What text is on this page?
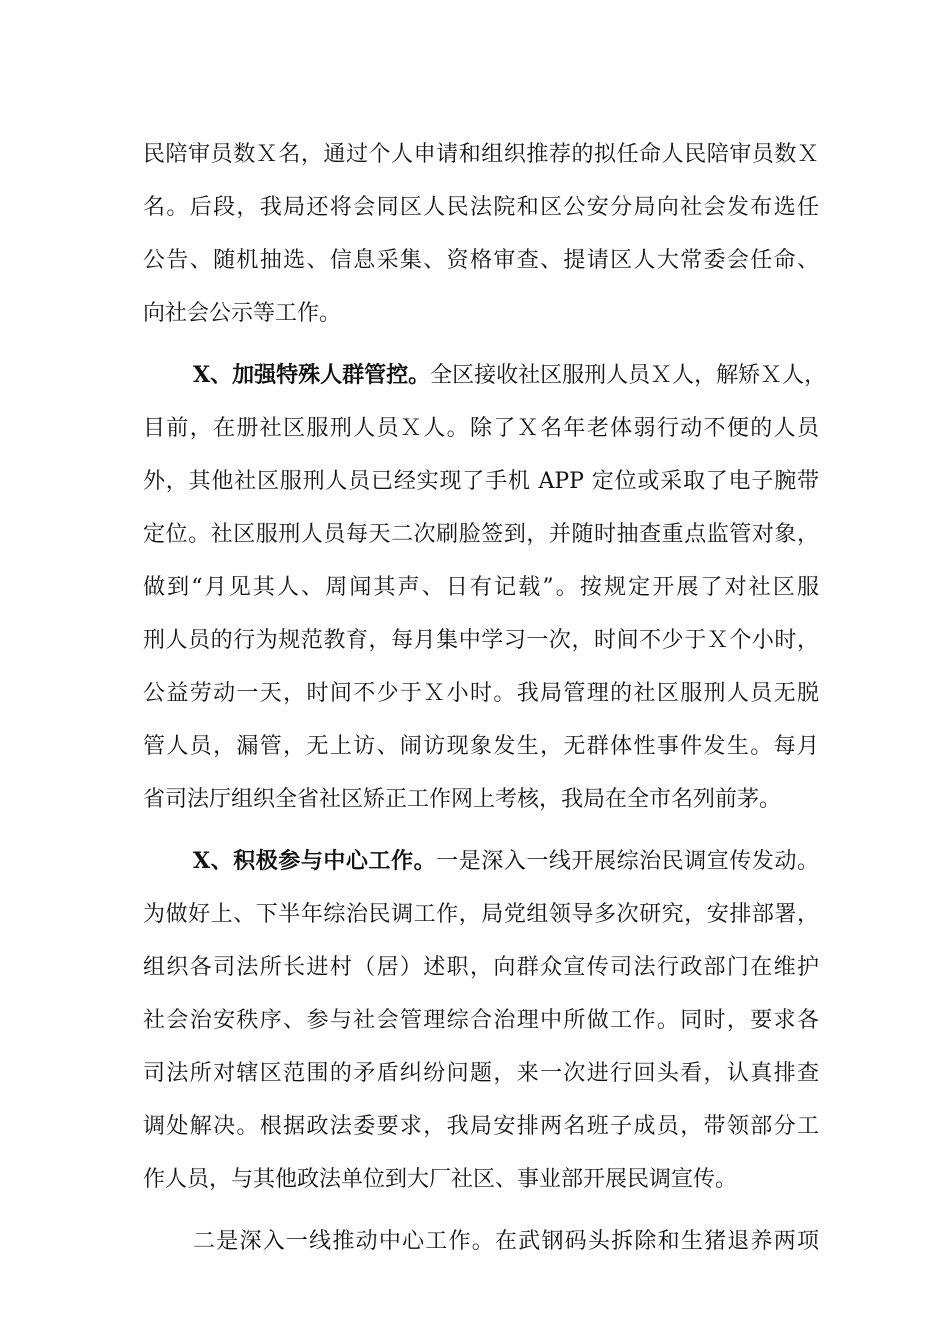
民陪审员数Ｘ名，通过个人申请和组织推荐的拟任命人民陪审员数Ｘ
名。后段，我局还将会同区人民法院和区公安分局向社会发布选任
公告、随机抽选、信息采集、资格审查、提请区人大常委会任命、
向社会公示等工作。

X、加强特殊人群管控。全区接收社区服刑人员Ｘ人，解矫Ｘ人，
目前，在册社区服刑人员Ｘ人。除了Ｘ名年老体弱行动不便的人员
外，其他社区服刑人员已经实现了手机 APP 定位或采取了电子腕带
定位。社区服刑人员每天二次刷脸签到，并随时抽查重点监管对象，
做到“月见其人、周闻其声、日有记载”。按规定开展了对社区服
刑人员的行为规范教育，每月集中学习一次，时间不少于Ｘ个小时，
公益劳动一天，时间不少于Ｘ小时。我局管理的社区服刑人员无脱
管人员，漏管，无上访、闹访现象发生，无群体性事件发生。每月
省司法厅组织全省社区矫正工作网上考核，我局在全市名列前茅。

X、积极参与中心工作。一是深入一线开展综治民调宣传发动。
为做好上、下半年综治民调工作，局党组领导多次研究，安排部署，
组织各司法所长进村（居）述职，向群众宣传司法行政部门在维护
社会治安秩序、参与社会管理综合治理中所做工作。同时，要求各
司法所对辖区范围的矛盾纠纷问题，来一次进行回头看，认真排查
调处解决。根据政法委要求，我局安排两名班子成员，带领部分工
作人员，与其他政法单位到大厂社区、事业部开展民调宣传。

二是深入一线推动中心工作。在武钢码头拆除和生猪退养两项
